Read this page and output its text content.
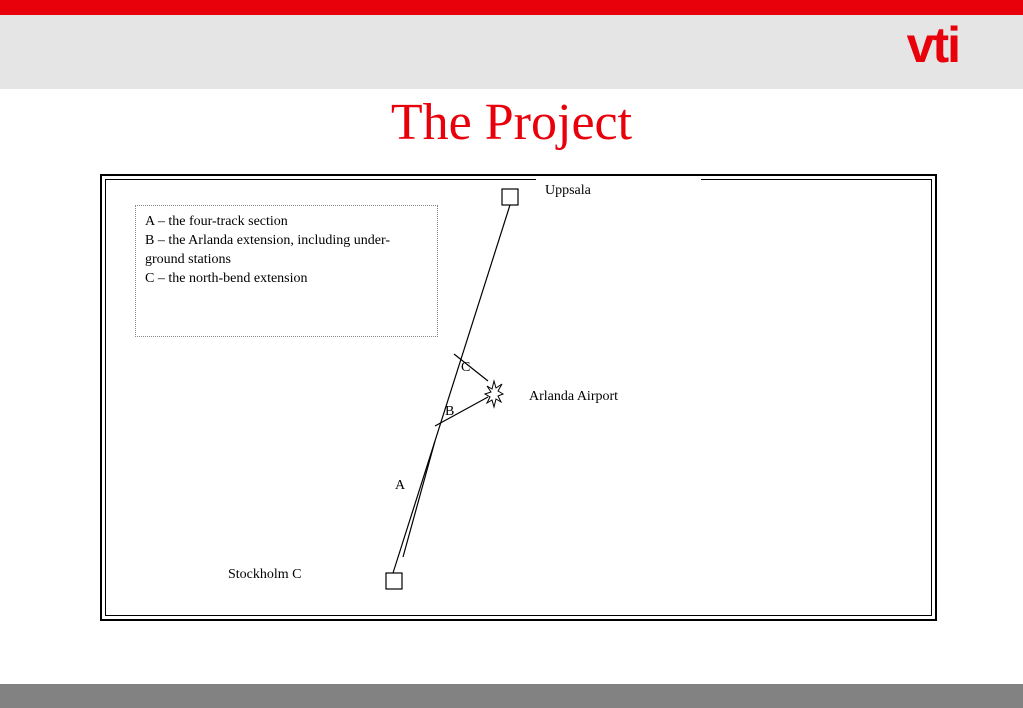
vti
The Project
A – the four-track section
B – the Arlanda extension, including under-
ground stations
C – the north-bend extension
Uppsala
Arlanda Airport
Stockholm C
A
B
C
